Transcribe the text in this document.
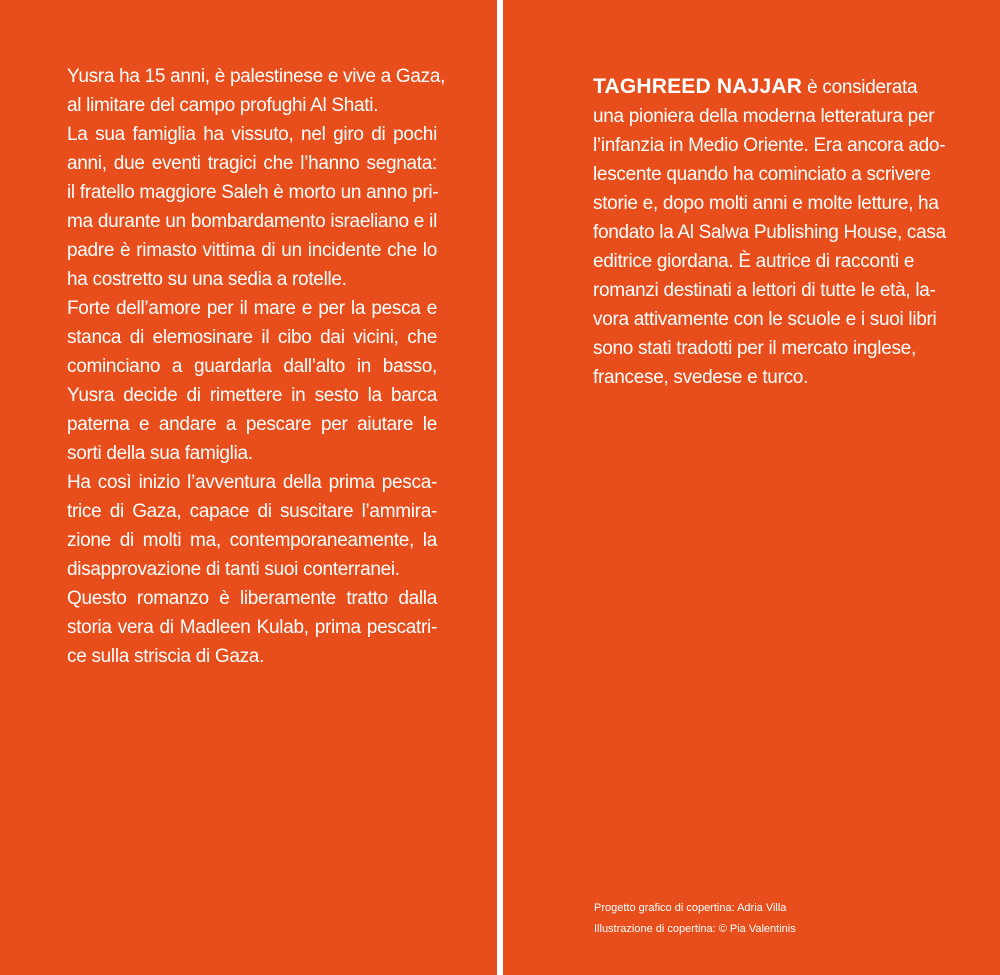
Yusra ha 15 anni, è palestinese e vive a Gaza,
al limitare del campo profughi Al Shati.
La sua famiglia ha vissuto, nel giro di pochi
anni, due eventi tragici che l’hanno segnata:
il fratello maggiore Saleh è morto un anno pri-
ma durante un bombardamento israeliano e il
padre è rimasto vittima di un incidente che lo
ha costretto su una sedia a rotelle.
Forte dell’amore per il mare e per la pesca e
stanca di elemosinare il cibo dai vicini, che
cominciano a guardarla dall’alto in basso,
Yusra decide di rimettere in sesto la barca
paterna e andare a pescare per aiutare le
sorti della sua famiglia.
Ha così inizio l’avventura della prima pesca-
trice di Gaza, capace di suscitare l’ammira-
zione di molti ma, contemporaneamente, la
disapprovazione di tanti suoi conterranei.
Questo romanzo è liberamente tratto dalla
storia vera di Madleen Kulab, prima pescatri-
ce sulla striscia di Gaza.
TAGHREED NAJJAR è considerata
una pioniera della moderna letteratura per
l’infanzia in Medio Oriente. Era ancora ado-
lescente quando ha cominciato a scrivere
storie e, dopo molti anni e molte letture, ha
fondato la Al Salwa Publishing House, casa
editrice giordana. È autrice di racconti e
romanzi destinati a lettori di tutte le età, la-
vora attivamente con le scuole e i suoi libri
sono stati tradotti per il mercato inglese,
francese, svedese e turco.
Progetto grafico di copertina: Adria Villa
Illustrazione di copertina: © Pia Valentinis
